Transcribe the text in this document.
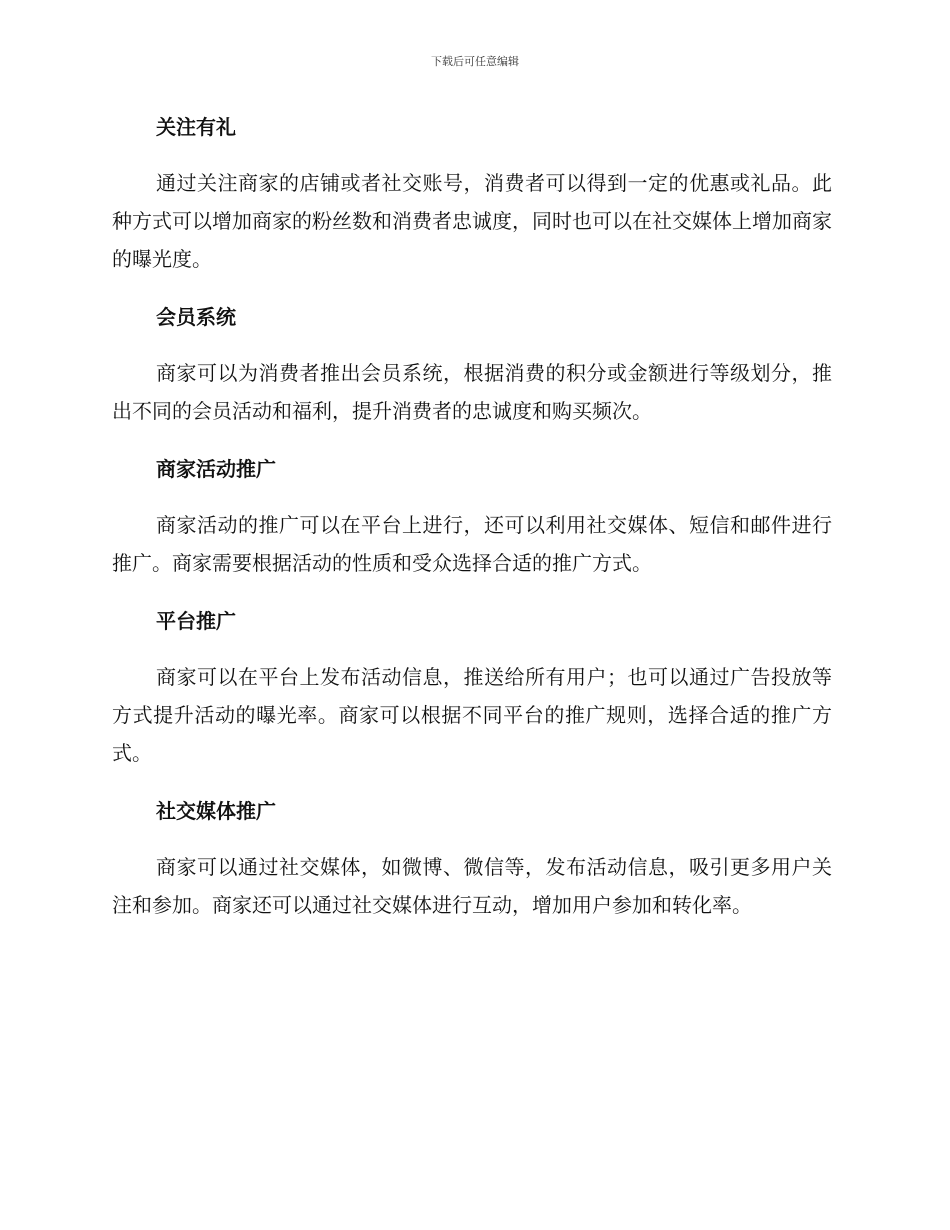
下载后可任意编辑
关注有礼

通过关注商家的店铺或者社交账号，消费者可以得到一定的优惠或礼品。此种方式可以增加商家的粉丝数和消费者忠诚度，同时也可以在社交媒体上增加商家的曝光度。

会员系统

商家可以为消费者推出会员系统，根据消费的积分或金额进行等级划分，推出不同的会员活动和福利，提升消费者的忠诚度和购买频次。

商家活动推广

商家活动的推广可以在平台上进行，还可以利用社交媒体、短信和邮件进行推广。商家需要根据活动的性质和受众选择合适的推广方式。

平台推广

商家可以在平台上发布活动信息，推送给所有用户；也可以通过广告投放等方式提升活动的曝光率。商家可以根据不同平台的推广规则，选择合适的推广方式。

社交媒体推广

商家可以通过社交媒体，如微博、微信等，发布活动信息，吸引更多用户关注和参加。商家还可以通过社交媒体进行互动，增加用户参加和转化率。
